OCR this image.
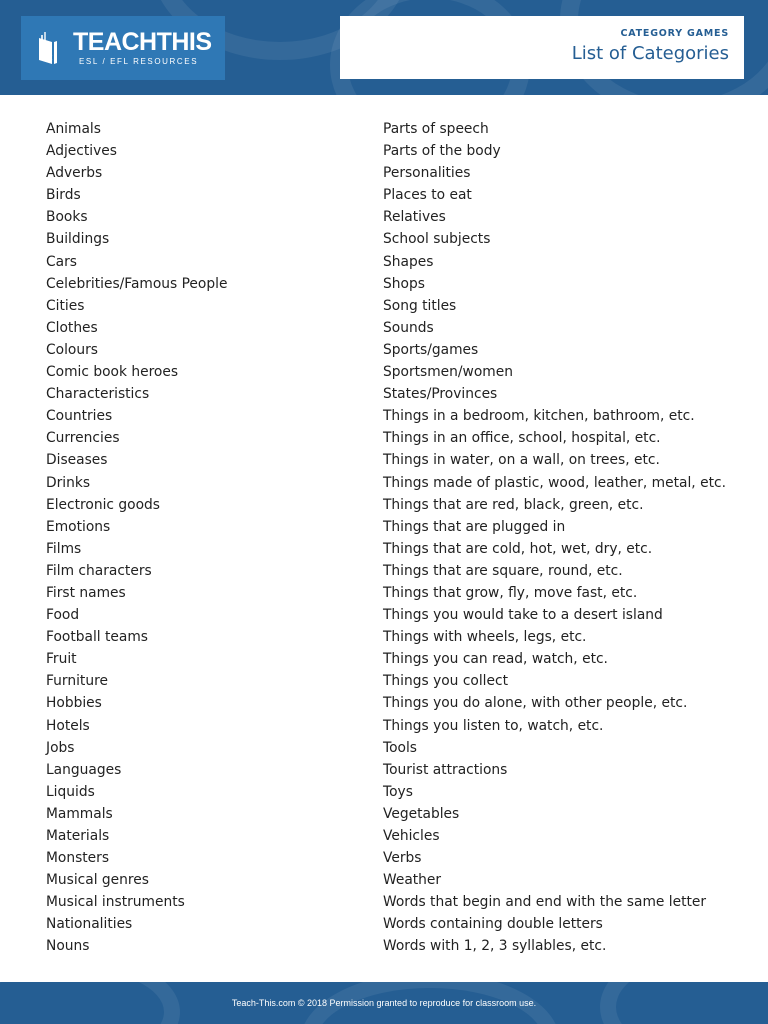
TEACHTHIS
ESL / EFL RESOURCES
CATEGORY GAMES
List of Categories
Animals
Adjectives
Adverbs
Birds
Books
Buildings
Cars
Celebrities/Famous People
Cities
Clothes
Colours
Comic book heroes
Characteristics
Countries
Currencies
Diseases
Drinks
Electronic goods
Emotions
Films
Film characters
First names
Food
Football teams
Fruit
Furniture
Hobbies
Hotels
Jobs
Languages
Liquids
Mammals
Materials
Monsters
Musical genres
Musical instruments
Nationalities
Nouns
Parts of speech
Parts of the body
Personalities
Places to eat
Relatives
School subjects
Shapes
Shops
Song titles
Sounds
Sports/games
Sportsmen/women
States/Provinces
Things in a bedroom, kitchen, bathroom, etc.
Things in an office, school, hospital, etc.
Things in water, on a wall, on trees, etc.
Things made of plastic, wood, leather, metal, etc.
Things that are red, black, green, etc.
Things that are plugged in
Things that are cold, hot, wet, dry, etc.
Things that are square, round, etc.
Things that grow, fly, move fast, etc.
Things you would take to a desert island
Things with wheels, legs, etc.
Things you can read, watch, etc.
Things you collect
Things you do alone, with other people, etc.
Things you listen to, watch, etc.
Tools
Tourist attractions
Toys
Vegetables
Vehicles
Verbs
Weather
Words that begin and end with the same letter
Words containing double letters
Words with 1, 2, 3 syllables, etc.
Teach-This.com © 2018 Permission granted to reproduce for classroom use.
